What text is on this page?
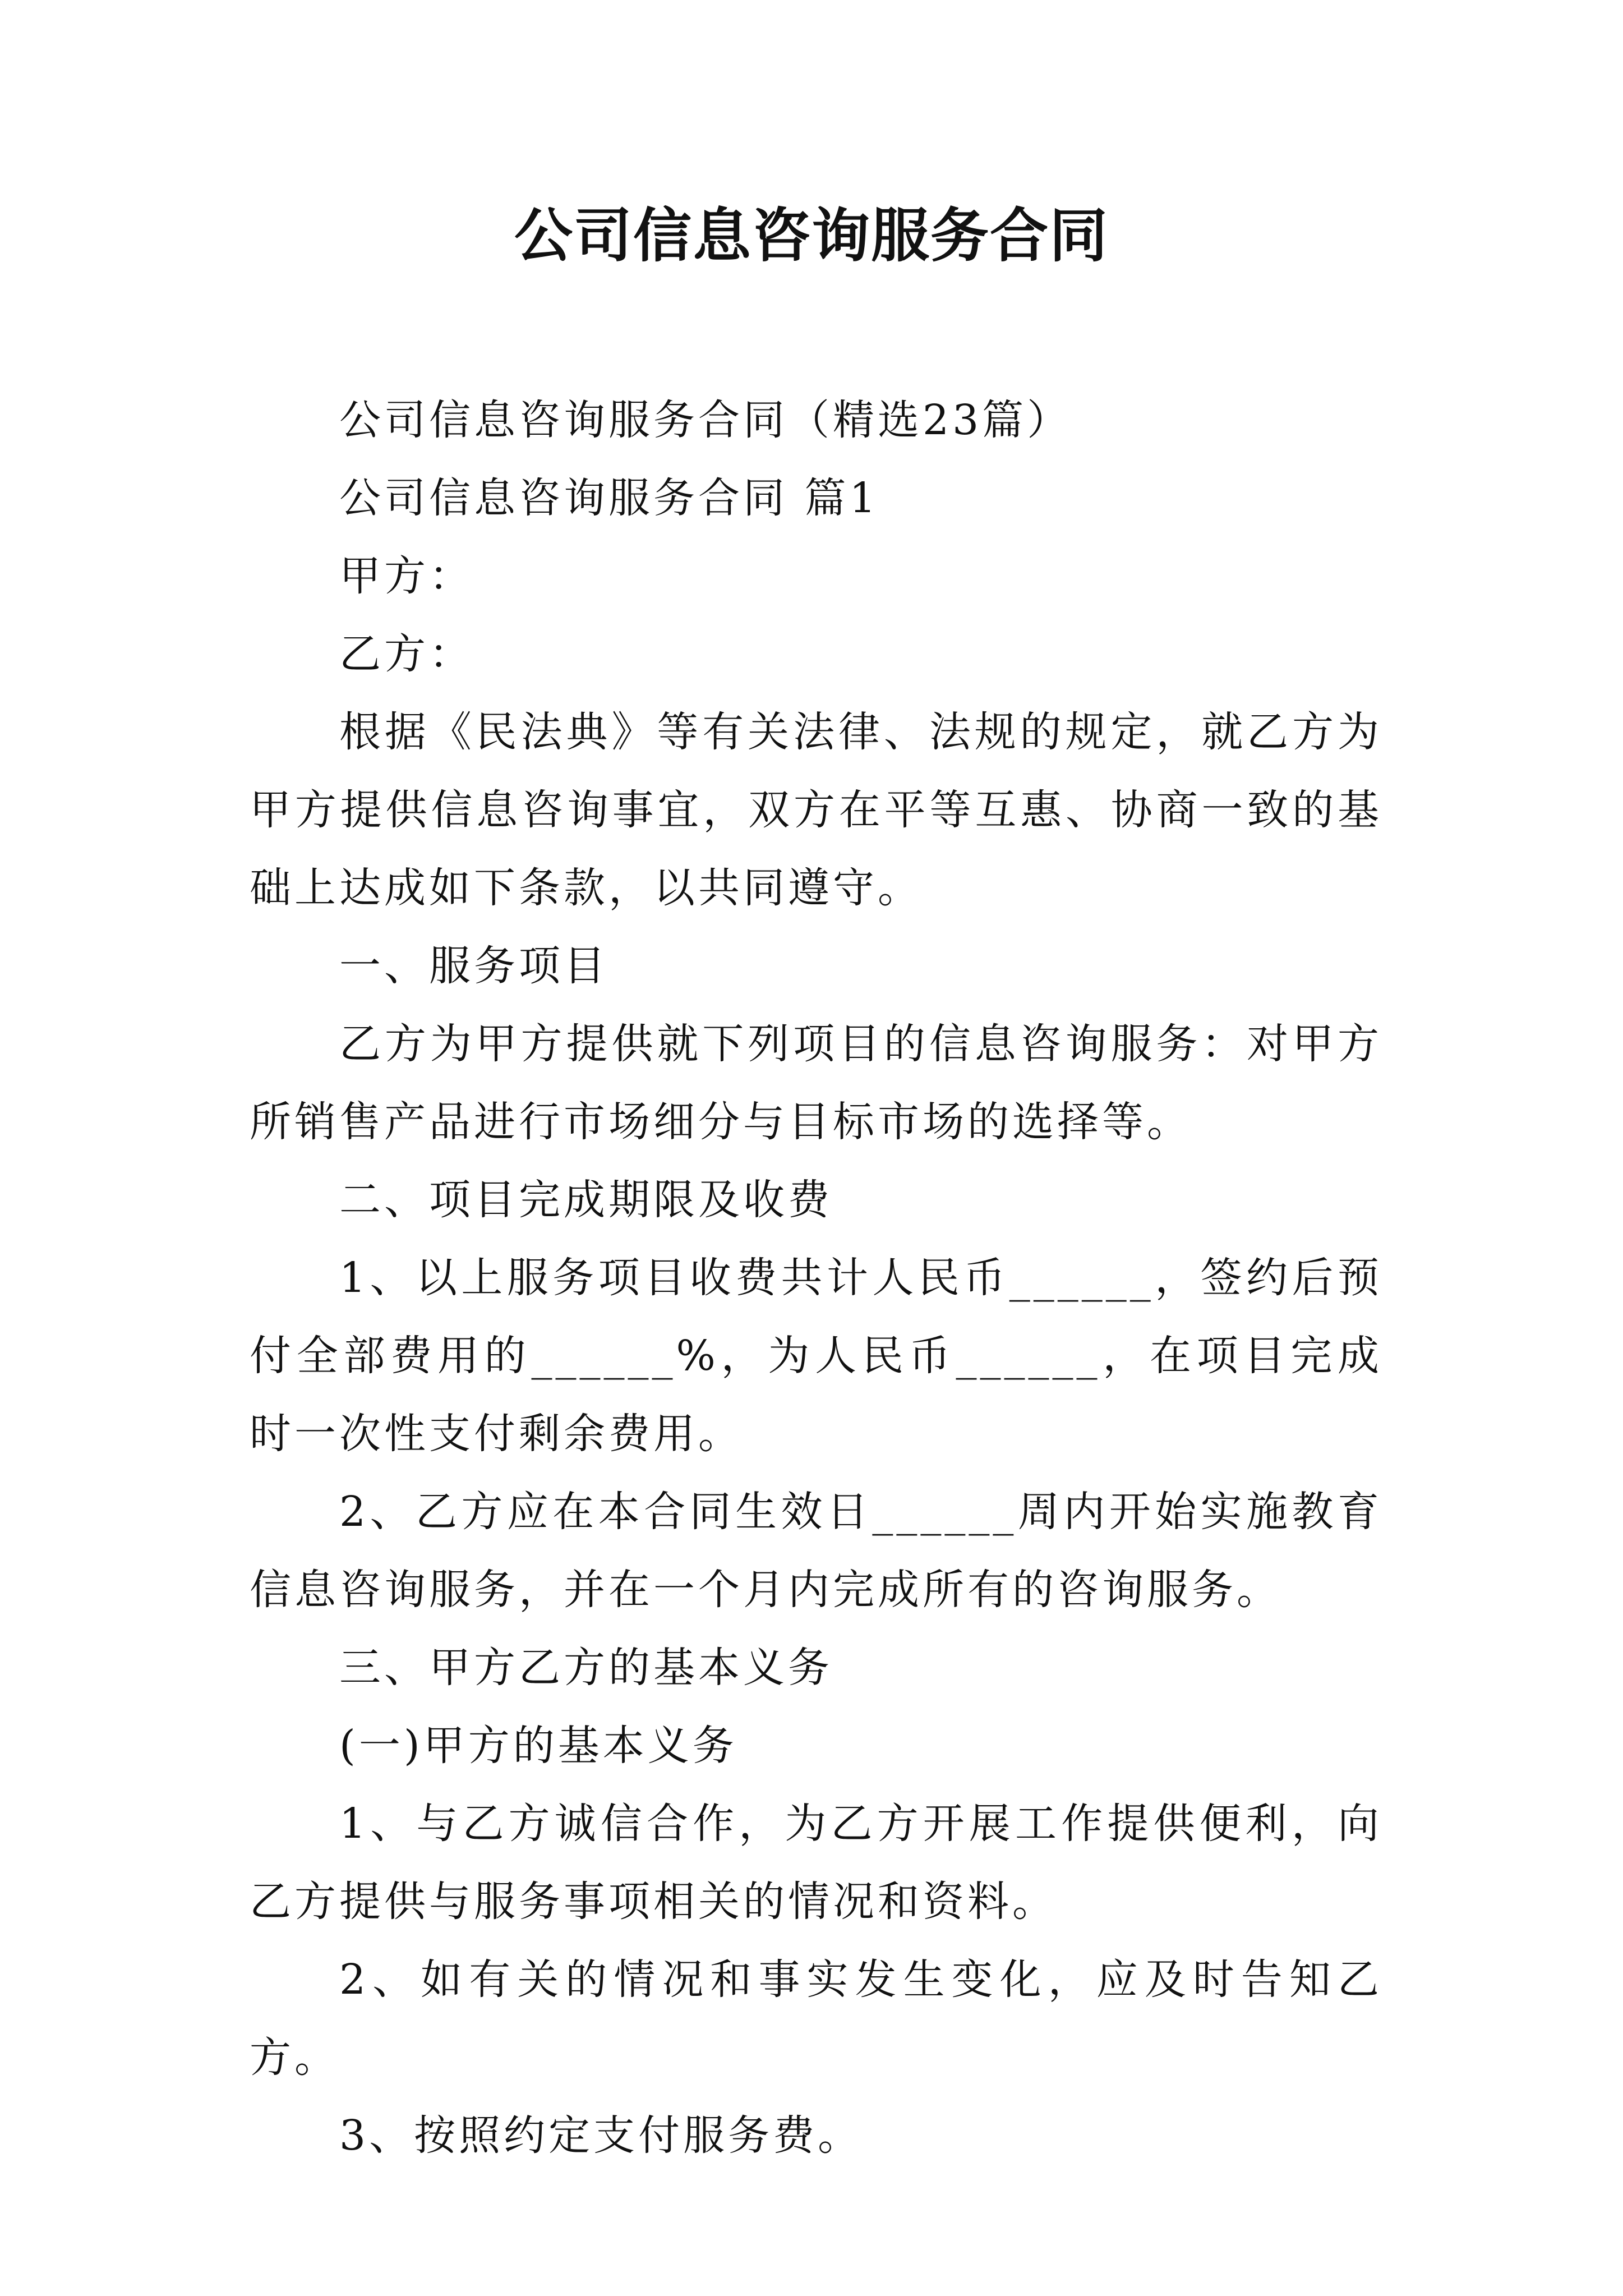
公司信息咨询服务合同

公司信息咨询服务合同（精选23篇）

公司信息咨询服务合同 篇1

甲方：

乙方：

根据《民法典》等有关法律、法规的规定，就乙方为甲方提供信息咨询事宜，双方在平等互惠、协商一致的基础上达成如下条款，以共同遵守。

一、服务项目

乙方为甲方提供就下列项目的信息咨询服务：对甲方所销售产品进行市场细分与目标市场的选择等。

二、项目完成期限及收费

1、以上服务项目收费共计人民币______，签约后预付全部费用的______%，为人民币______，在项目完成时一次性支付剩余费用。

2、乙方应在本合同生效日______周内开始实施教育信息咨询服务，并在一个月内完成所有的咨询服务。

三、甲方乙方的基本义务

(一)甲方的基本义务

1、与乙方诚信合作，为乙方开展工作提供便利，向乙方提供与服务事项相关的情况和资料。

2、如有关的情况和事实发生变化，应及时告知乙方。

3、按照约定支付服务费。
